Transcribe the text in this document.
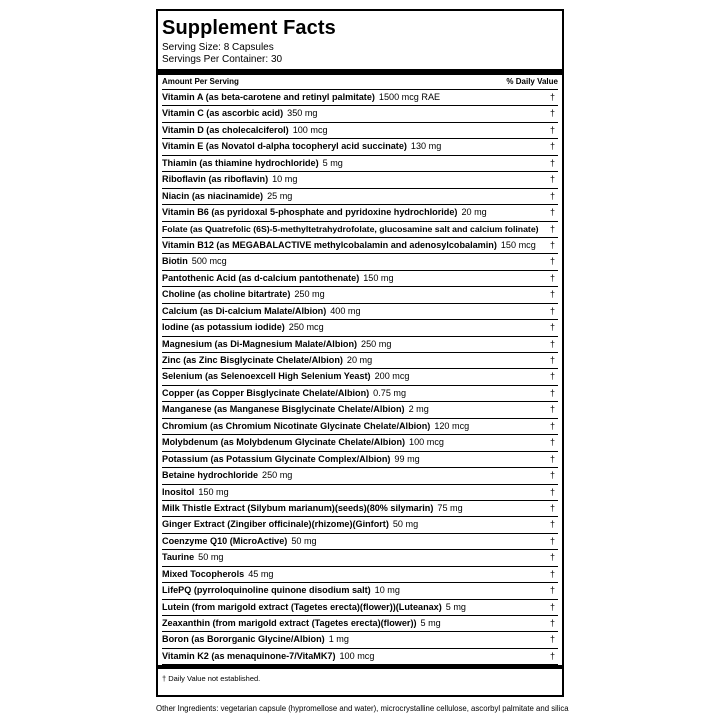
Supplement Facts
Serving Size: 8 Capsules
Servings Per Container: 30
Amount Per Serving	% Daily Value
Vitamin A (as beta-carotene and retinyl palmitate) 1500 mcg RAE	†
Vitamin C (as ascorbic acid) 350 mg	†
Vitamin D (as cholecalciferol) 100 mcg	†
Vitamin E (as Novatol d-alpha tocopheryl acid succinate) 130 mg	†
Thiamin (as thiamine hydrochloride) 5 mg	†
Riboflavin (as riboflavin) 10 mg	†
Niacin (as niacinamide) 25 mg	†
Vitamin B6 (as pyridoxal 5-phosphate and pyridoxine hydrochloride) 20 mg	†
Folate (as Quatrefolic (6S)-5-methyltetrahydrofolate, glucosamine salt and calcium folinate) †
Vitamin B12 (as MEGABALACTIVE methylcobalamin and adenosylcobalamin) 150 mcg †
Biotin 500 mcg	†
Pantothenic Acid (as d-calcium pantothenate) 150 mg	†
Choline (as choline bitartrate) 250 mg	†
Calcium (as Di-calcium Malate/Albion) 400 mg	†
Iodine (as potassium iodide) 250 mcg	†
Magnesium (as Di-Magnesium Malate/Albion) 250 mg	†
Zinc (as Zinc Bisglycinate Chelate/Albion) 20 mg	†
Selenium (as Selenoexcell High Selenium Yeast) 200 mcg	†
Copper (as Copper Bisglycinate Chelate/Albion) 0.75 mg	†
Manganese (as Manganese Bisglycinate Chelate/Albion) 2 mg	†
Chromium (as Chromium Nicotinate Glycinate Chelate/Albion) 120 mcg	†
Molybdenum (as Molybdenum Glycinate Chelate/Albion) 100 mcg	†
Potassium (as Potassium Glycinate Complex/Albion) 99 mg	†
Betaine hydrochloride 250 mg	†
Inositol 150 mg	†
Milk Thistle Extract (Silybum marianum)(seeds)(80% silymarin) 75 mg	†
Ginger Extract (Zingiber officinale)(rhizome)(Ginfort) 50 mg	†
Coenzyme Q10 (MicroActive) 50 mg	†
Taurine 50 mg	†
Mixed Tocopherols 45 mg	†
LifePQ (pyrroloquinoline quinone disodium salt) 10 mg	†
Lutein (from marigold extract (Tagetes erecta)(flower))(Luteanax) 5 mg	†
Zeaxanthin (from marigold extract (Tagetes erecta)(flower)) 5 mg	†
Boron (as Bororganic Glycine/Albion) 1 mg	†
Vitamin K2 (as menaquinone-7/VitaMK7) 100 mcg	†
† Daily Value not established.
Other Ingredients: vegetarian capsule (hypromellose and water), microcrystalline cellulose, ascorbyl palmitate and silica
